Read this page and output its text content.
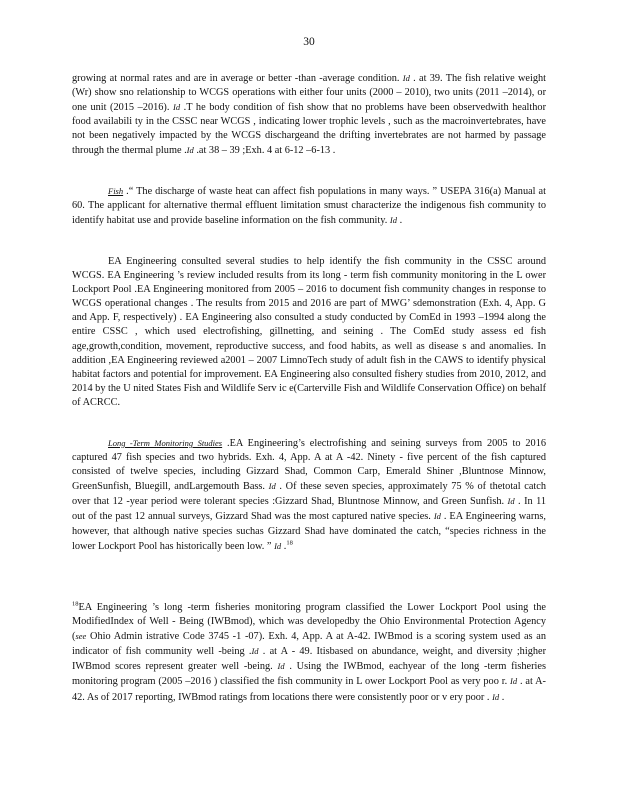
30

growing at normal rates and are in average or better -than -average condition. Id . at 39. The fish relative weight (Wr) show sno relationship to WCGS operations with either four units (2000 – 2010), two units (2011 –2014), or one unit (2015 –2016). Id .T he body condition of fish show that no problems have been observedwith healthor food availabili ty in the CSSC near WCGS , indicating lower trophic levels , such as the macroinvertebrates, have not been negatively impacted by the WCGS dischargeand the drifting invertebrates are not harmed by passage through the thermal plume .Id .at 38 – 39 ;Exh. 4 at 6-12 –6-13 .

Fish .“ The discharge of waste heat can affect fish populations in many ways. ” USEPA 316(a) Manual at 60. The applicant for alternative thermal effluent limitation smust characterize the indigenous fish community to identify habitat use and provide baseline information on the fish community. Id .

EA Engineering consulted several studies to help identify the fish community in the CSSC around WCGS. EA Engineering ’s review included results from its long - term fish community monitoring in the L ower Lockport Pool .EA Engineering monitored from 2005 – 2016 to document fish community changes in response to WCGS operational changes . The results from 2015 and 2016 are part of MWG’ sdemonstration (Exh. 4, App. G and App. F, respectively) . EA Engineering also consulted a study conducted by ComEd in 1993 –1994 along the entire CSSC , which used electrofishing, gillnetting, and seining . The ComEd study assess ed fish age,growth,condition, movement, reproductive success, and food habits, as well as disease s and anomalies. In addition ,EA Engineering reviewed a2001 – 2007 LimnoTech study of adult fish in the CAWS to identify physical habitat factors and potential for improvement. EA Engineering also consulted fishery studies from 2010, 2012, and 2014 by the U nited States Fish and Wildlife Serv ic e(Carterville Fish and Wildlife Conservation Office) on behalf of ACRCC.

Long -Term Monitoring Studies .EA Engineering’s electrofishing and seining surveys from 2005 to 2016 captured 47 fish species and two hybrids. Exh. 4, App. A at A -42. Ninety - five percent of the fish captured consisted of twelve species, including Gizzard Shad, Common Carp, Emerald Shiner ,Bluntnose Minnow, GreenSunfish, Bluegill, andLargemouth Bass. Id . Of these seven species, approximately 75 % of thetotal catch over that 12 -year period were tolerant species :Gizzard Shad, Bluntnose Minnow, and Green Sunfish. Id . In 11 out of the past 12 annual surveys, Gizzard Shad was the most captured native species. Id . EA Engineering warns, however, that although native species suchas Gizzard Shad have dominated the catch, “species richness in the lower Lockport Pool has historically been low. ” Id .$^{18}$

$^{18}$EA Engineering ’s long -term fisheries monitoring program classified the Lower Lockport Pool using the ModifiedIndex of Well - Being (IWBmod), which was developedby the Ohio Environmental Protection Agency (see Ohio Admin istrative Code 3745 -1 -07). Exh. 4, App. A at A-42. IWBmod is a scoring system used as an indicator of fish community well -being .Id . at A - 49. Itisbased on abundance, weight, and diversity ;higher IWBmod scores represent greater well -being. Id . Using the IWBmod, eachyear of the long -term fisheries monitoring program (2005 –2016 ) classified the fish community in L ower Lockport Pool as very poo r. Id . at A-42. As of 2017 reporting, IWBmod ratings from locations there were consistently poor or v ery poor . Id .
